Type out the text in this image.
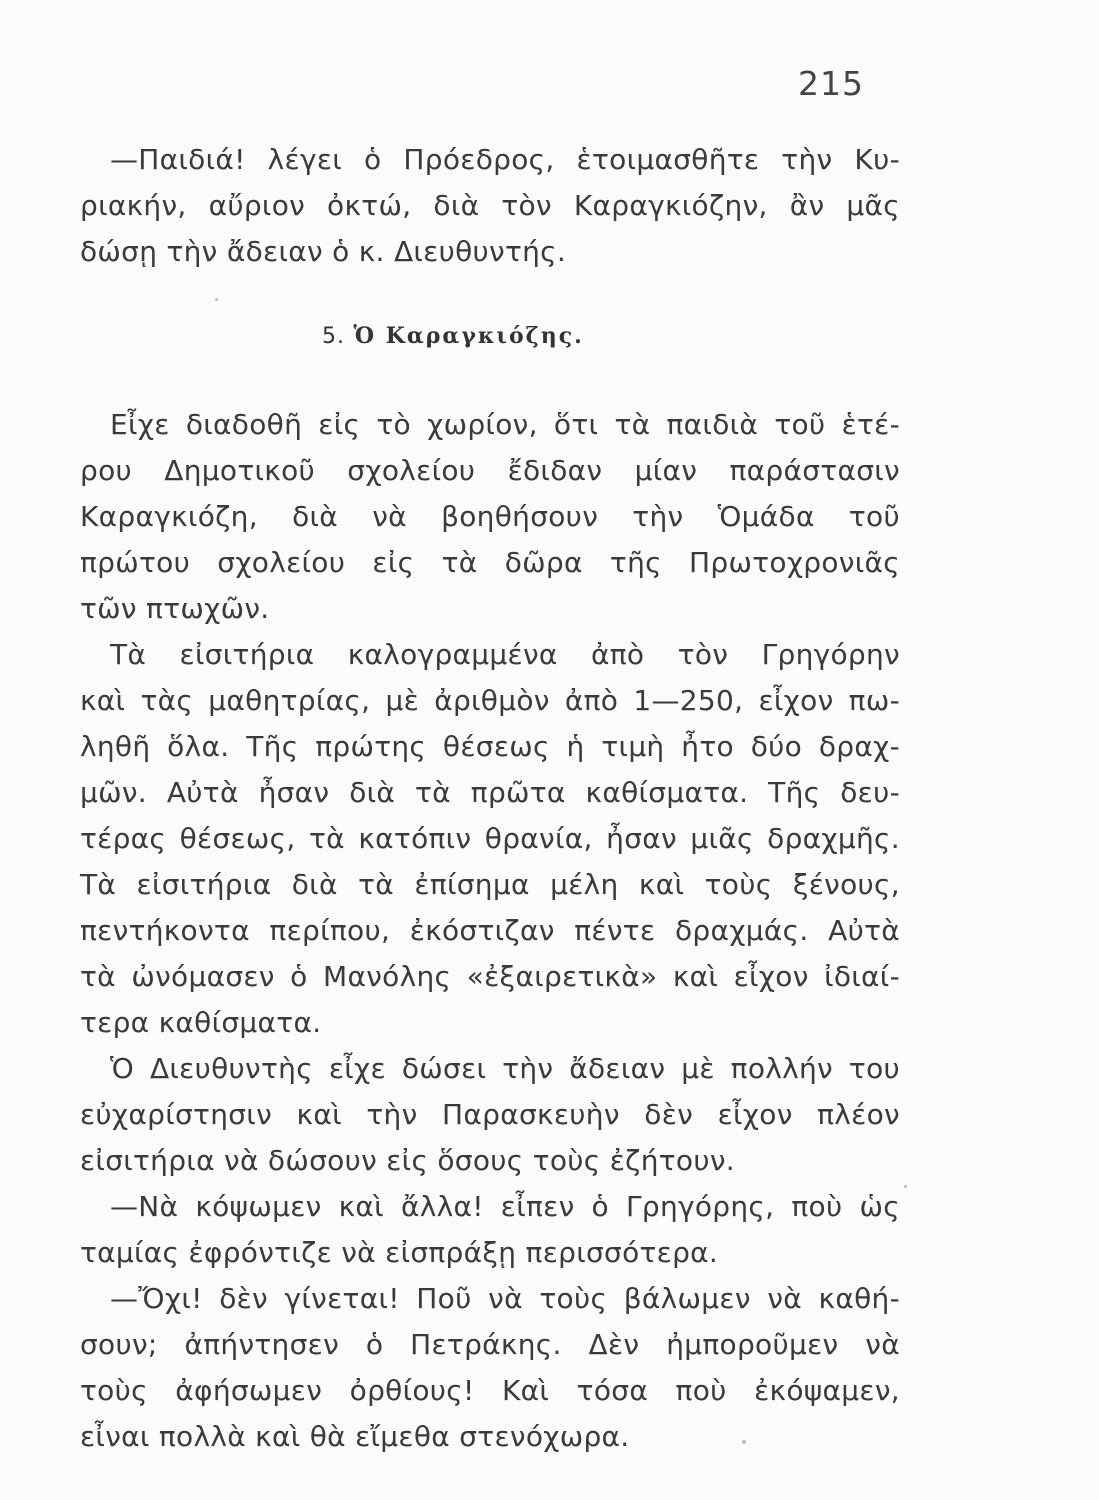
215
—Παιδιά! λέγει ὁ Πρόεδρος, ἑτοιμασθῆτε τὴν Κυ-
ριακήν, αὔριον ὀκτώ, διὰ τὸν Καραγκιόζην, ἂν μᾶς
δώσῃ τὴν ἄδειαν ὁ κ. Διευθυντής.
5. Ὁ Καραγκιόζης.
Εἶχε διαδοθῆ εἰς τὸ χωρίον, ὅτι τὰ παιδιὰ τοῦ ἑτέ-
ρου Δημοτικοῦ σχολείου ἔδιδαν μίαν παράστασιν
Καραγκιόζη, διὰ νὰ βοηθήσουν τὴν Ὁμάδα τοῦ
πρώτου σχολείου εἰς τὰ δῶρα τῆς Πρωτοχρονιᾶς
τῶν πτωχῶν.
Τὰ εἰσιτήρια καλογραμμένα ἀπὸ τὸν Γρηγόρην
καὶ τὰς μαθητρίας, μὲ ἀριθμὸν ἀπὸ 1—250, εἶχον πω-
ληθῆ ὅλα. Τῆς πρώτης θέσεως ἡ τιμὴ ἦτο δύο δραχ-
μῶν. Αὐτὰ ἦσαν διὰ τὰ πρῶτα καθίσματα. Τῆς δευ-
τέρας θέσεως, τὰ κατόπιν θρανία, ἦσαν μιᾶς δραχμῆς.
Τὰ εἰσιτήρια διὰ τὰ ἐπίσημα μέλη καὶ τοὺς ξένους,
πεντήκοντα περίπου, ἐκόστιζαν πέντε δραχμάς. Αὐτὰ
τὰ ὠνόμασεν ὁ Μανόλης «ἐξαιρετικὰ» καὶ εἶχον ἰδιαί-
τερα καθίσματα.
Ὁ Διευθυντὴς εἶχε δώσει τὴν ἄδειαν μὲ πολλήν του
εὐχαρίστησιν καὶ τὴν Παρασκευὴν δὲν εἶχον πλέον
εἰσιτήρια νὰ δώσουν εἰς ὅσους τοὺς ἐζήτουν.
—Νὰ κόψωμεν καὶ ἄλλα! εἶπεν ὁ Γρηγόρης, ποὺ ὡς
ταμίας ἐφρόντιζε νὰ εἰσπράξῃ περισσότερα.
—Ὄχι! δὲν γίνεται! Ποῦ νὰ τοὺς βάλωμεν νὰ καθή-
σουν; ἀπήντησεν ὁ Πετράκης. Δὲν ἠμποροῦμεν νὰ
τοὺς ἀφήσωμεν ὀρθίους! Καὶ τόσα ποὺ ἐκόψαμεν,
εἶναι πολλὰ καὶ θὰ εἴμεθα στενόχωρα.
